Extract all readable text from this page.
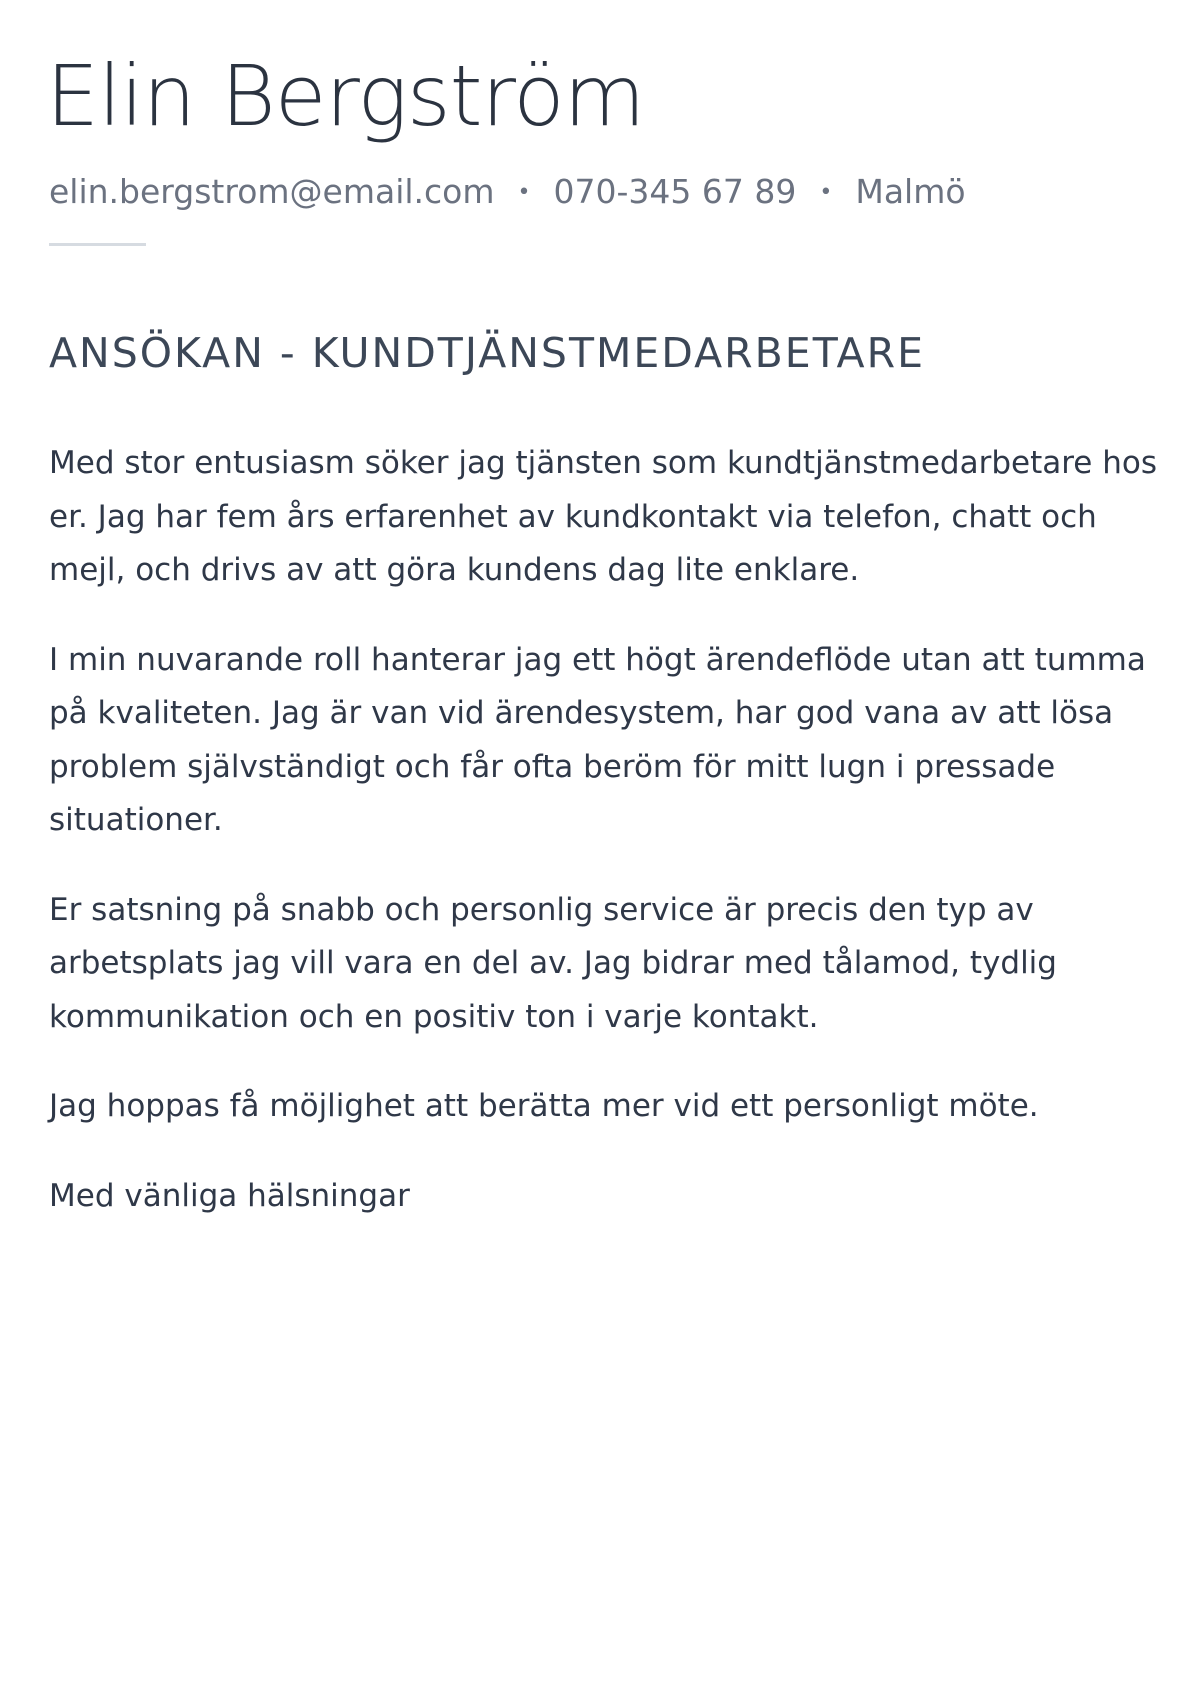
Elin Bergström
elin.bergstrom@email.com • 070-345 67 89 • Malmö
ANSÖKAN - KUNDTJÄNSTMEDARBETARE

Med stor entusiasm söker jag tjänsten som kundtjänstmedarbetare hos er. Jag har fem års erfarenhet av kundkontakt via telefon, chatt och mejl, och drivs av att göra kundens dag lite enklare.

I min nuvarande roll hanterar jag ett högt ärendeflöde utan att tumma på kvaliteten. Jag är van vid ärendesystem, har god vana av att lösa problem självständigt och får ofta beröm för mitt lugn i pressade situationer.

Er satsning på snabb och personlig service är precis den typ av arbetsplats jag vill vara en del av. Jag bidrar med tålamod, tydlig kommunikation och en positiv ton i varje kontakt.

Jag hoppas få möjlighet att berätta mer vid ett personligt möte.

Med vänliga hälsningar
